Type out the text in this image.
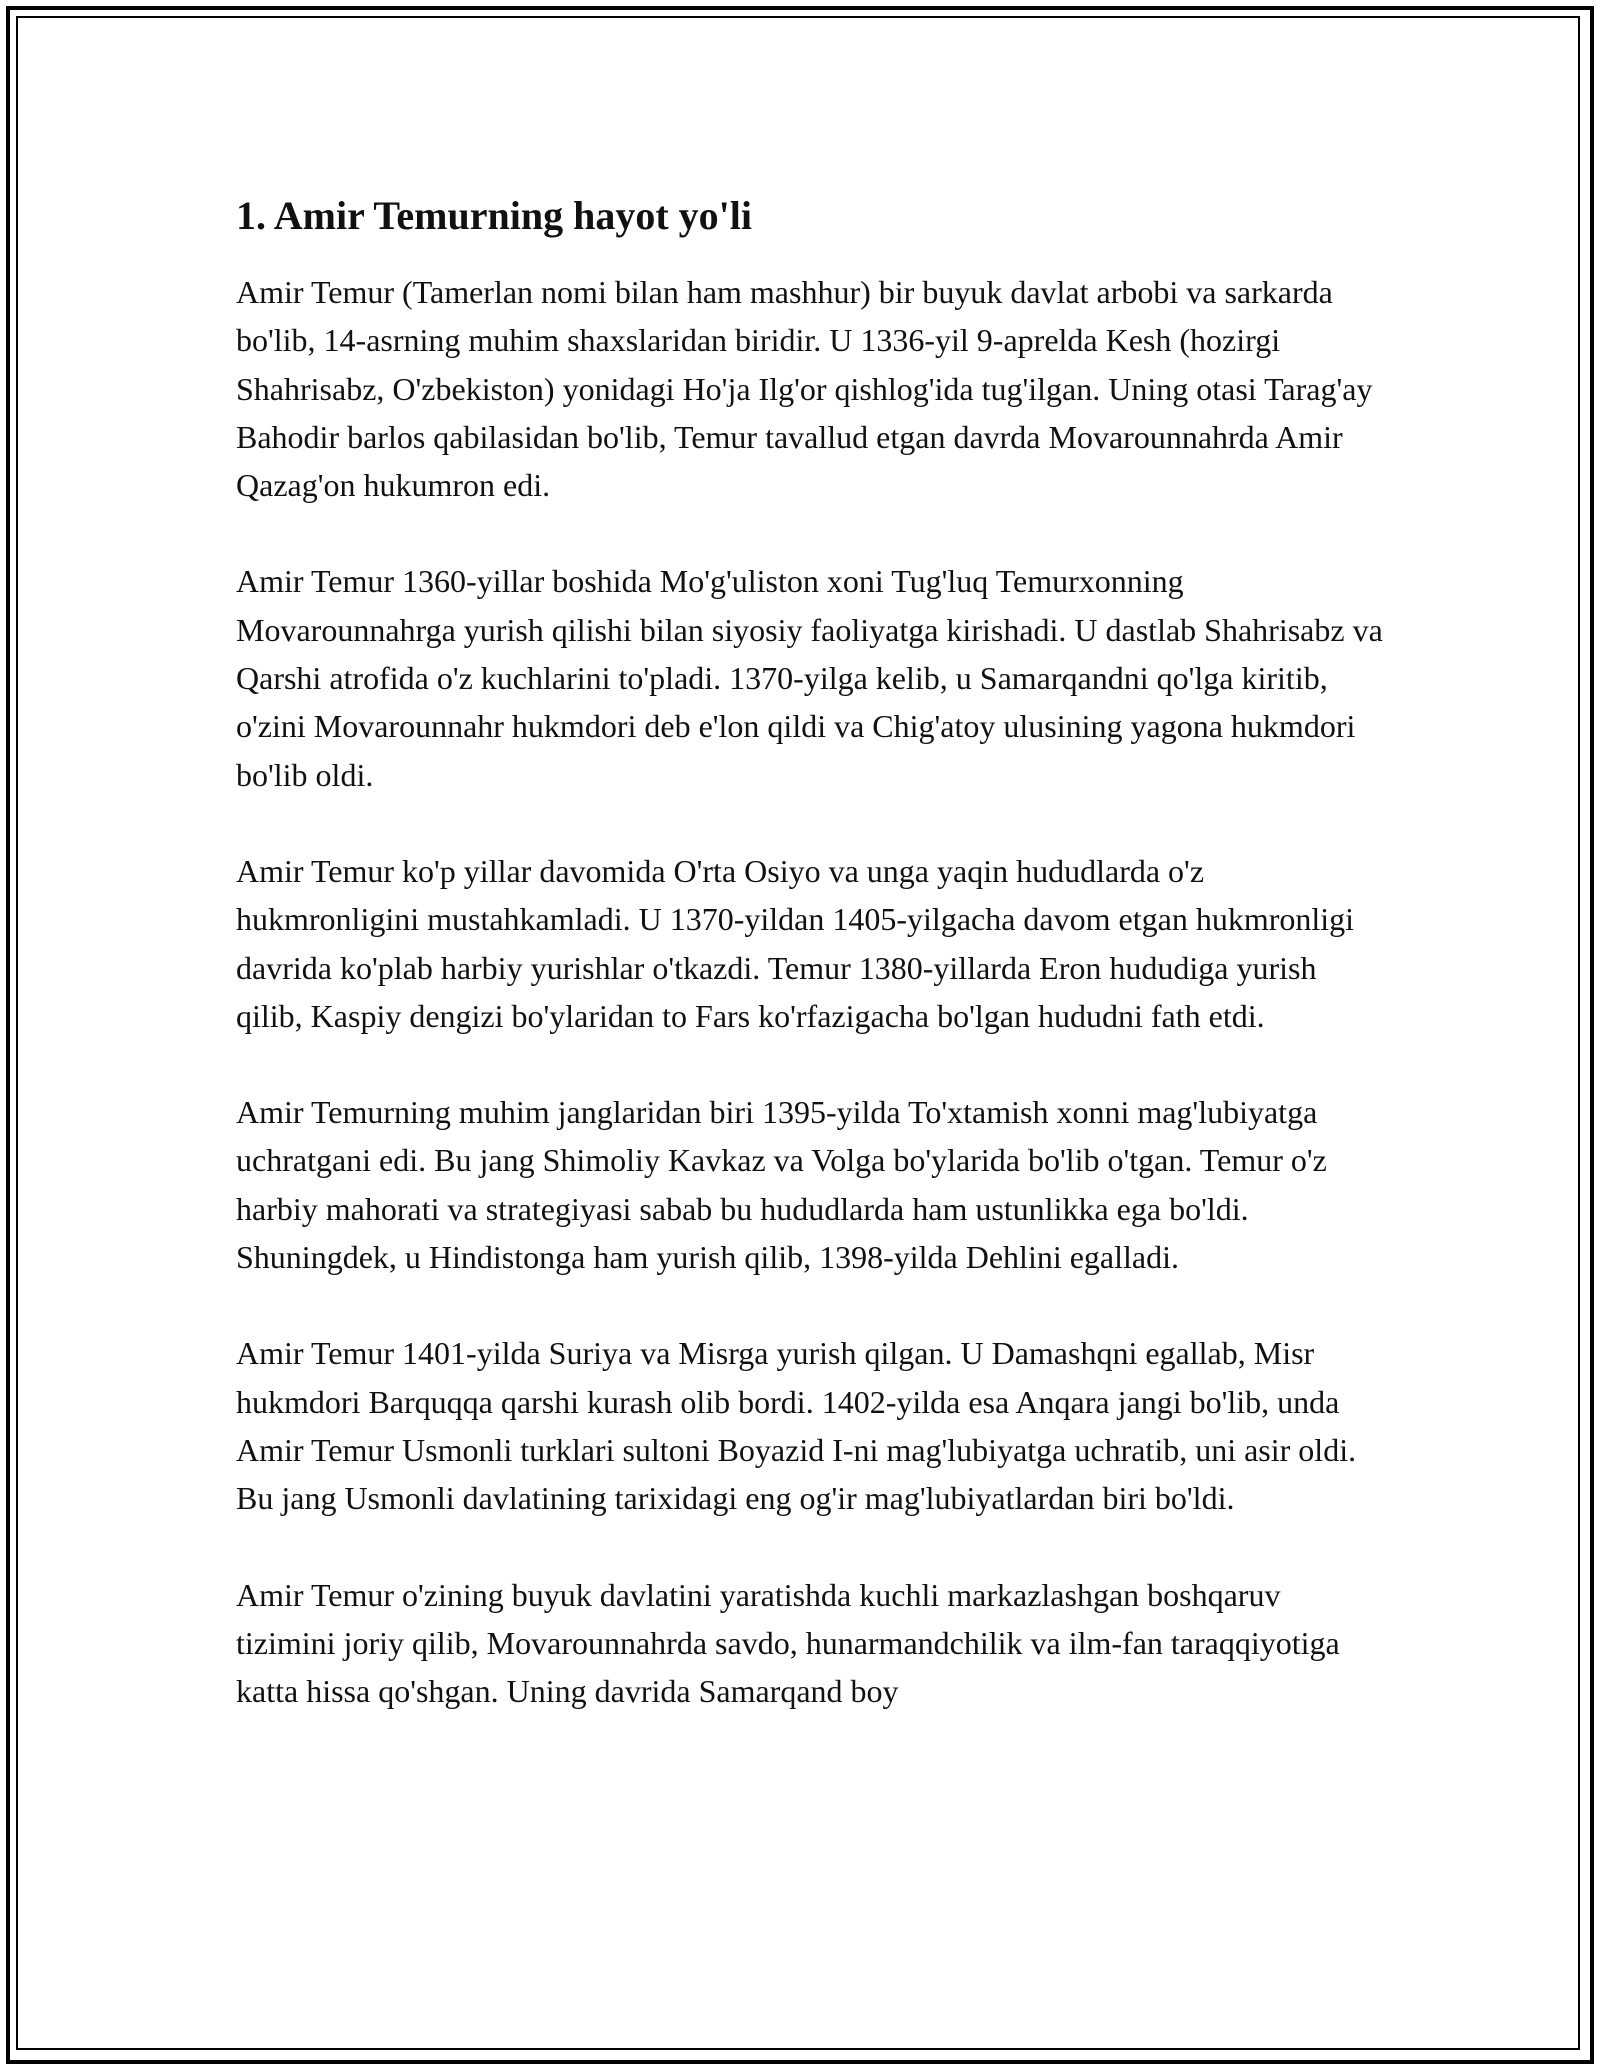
1. Amir Temurning hayot yo'li

Amir Temur (Tamerlan nomi bilan ham mashhur) bir buyuk davlat arbobi va sarkarda bo'lib, 14-asrning muhim shaxslaridan biridir. U 1336-yil 9-aprelda Kesh (hozirgi Shahrisabz, O'zbekiston) yonidagi Ho'ja Ilg'or qishlog'ida tug'ilgan. Uning otasi Tarag'ay Bahodir barlos qabilasidan bo'lib, Temur tavallud etgan davrda Movarounnahrda Amir Qazag'on hukumron edi.

Amir Temur 1360-yillar boshida Mo'g'uliston xoni Tug'luq Temurxonning Movarounnahrga yurish qilishi bilan siyosiy faoliyatga kirishadi. U dastlab Shahrisabz va Qarshi atrofida o'z kuchlarini to'pladi. 1370-yilga kelib, u Samarqandni qo'lga kiritib, o'zini Movarounnahr hukmdori deb e'lon qildi va Chig'atoy ulusining yagona hukmdori bo'lib oldi.

Amir Temur ko'p yillar davomida O'rta Osiyo va unga yaqin hududlarda o'z hukmronligini mustahkamladi. U 1370-yildan 1405-yilgacha davom etgan hukmronligi davrida ko'plab harbiy yurishlar o'tkazdi. Temur 1380-yillarda Eron hududiga yurish qilib, Kaspiy dengizi bo'ylaridan to Fars ko'rfazigacha bo'lgan hududni fath etdi.

Amir Temurning muhim janglaridan biri 1395-yilda To'xtamish xonni mag'lubiyatga uchratgani edi. Bu jang Shimoliy Kavkaz va Volga bo'ylarida bo'lib o'tgan. Temur o'z harbiy mahorati va strategiyasi sabab bu hududlarda ham ustunlikka ega bo'ldi. Shuningdek, u Hindistonga ham yurish qilib, 1398-yilda Dehlini egalladi.

Amir Temur 1401-yilda Suriya va Misrga yurish qilgan. U Damashqni egallab, Misr hukmdori Barquqqa qarshi kurash olib bordi. 1402-yilda esa Anqara jangi bo'lib, unda Amir Temur Usmonli turklari sultoni Boyazid I-ni mag'lubiyatga uchratib, uni asir oldi. Bu jang Usmonli davlatining tarixidagi eng og'ir mag'lubiyatlardan biri bo'ldi.

Amir Temur o'zining buyuk davlatini yaratishda kuchli markazlashgan boshqaruv tizimini joriy qilib, Movarounnahrda savdo, hunarmandchilik va ilm-fan taraqqiyotiga katta hissa qo'shgan. Uning davrida Samarqand boy
